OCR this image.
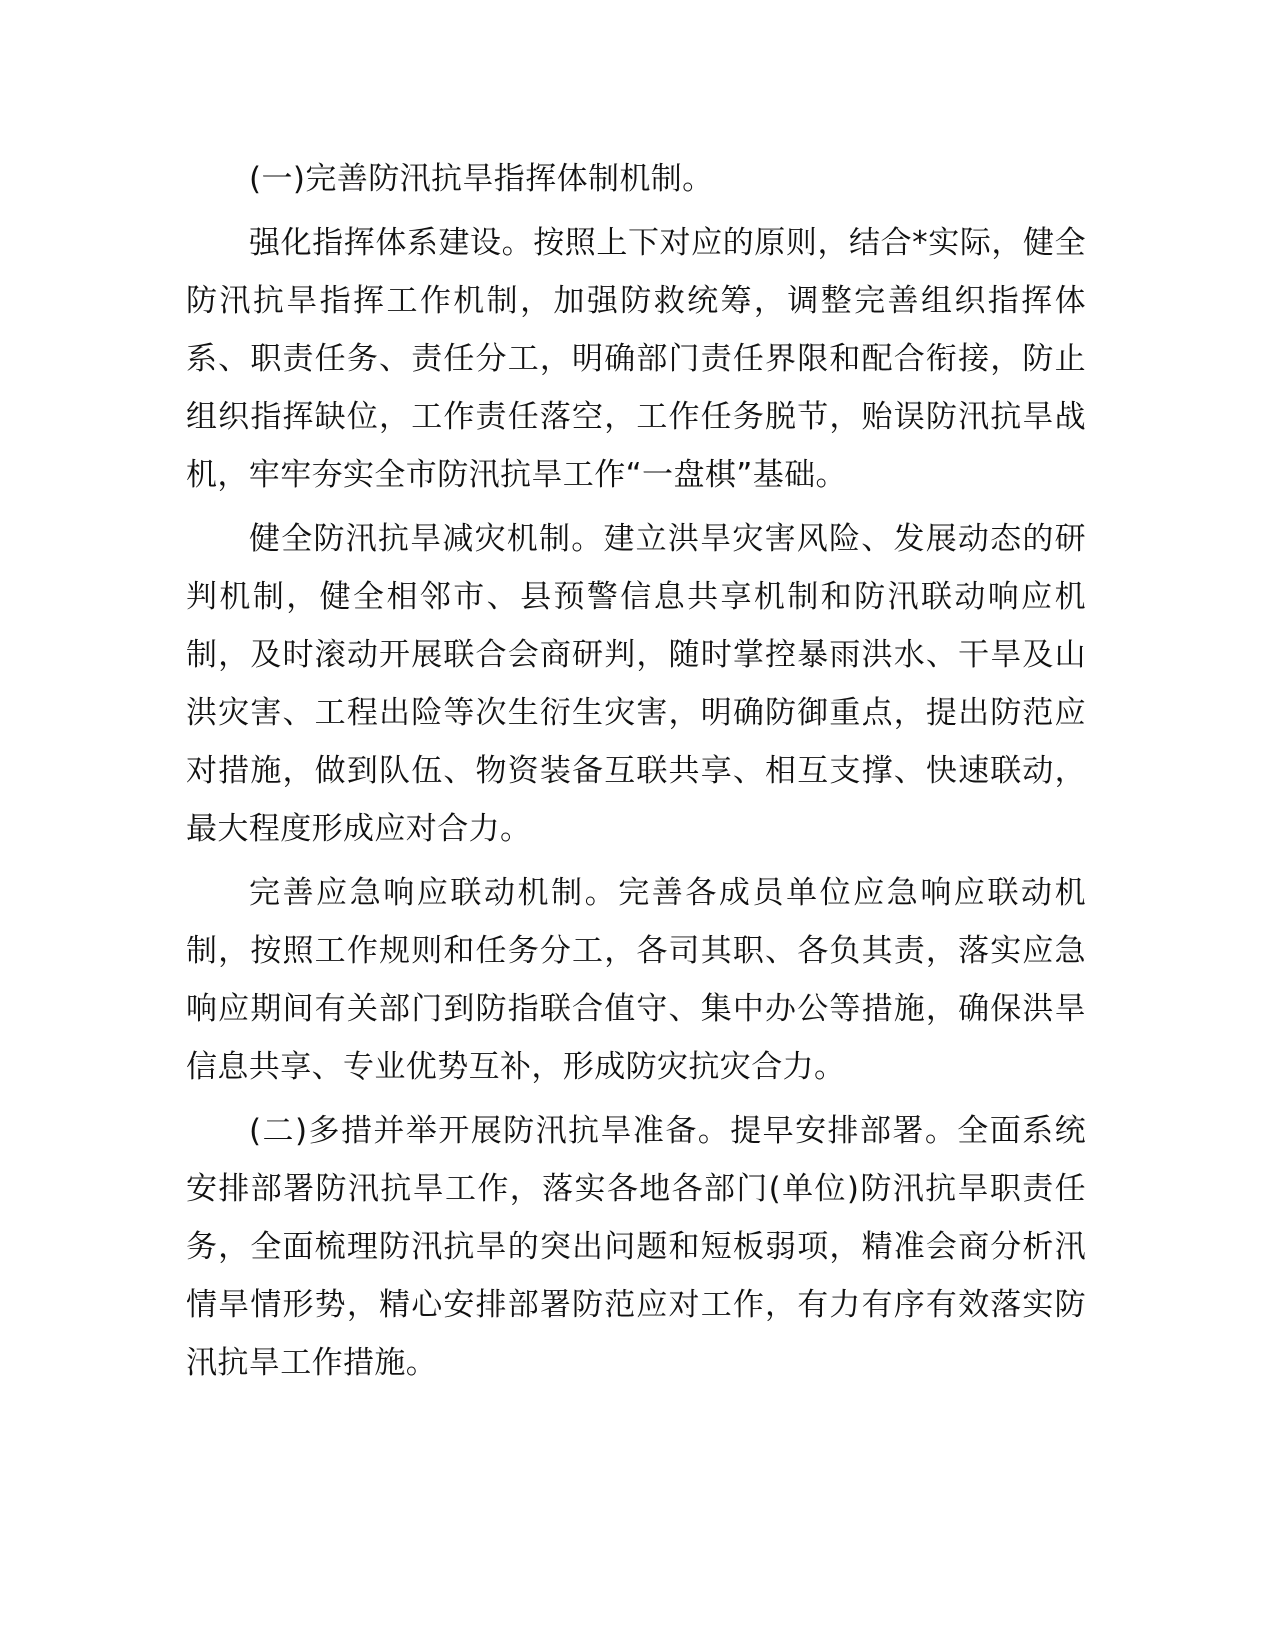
(一)完善防汛抗旱指挥体制机制。

强化指挥体系建设。按照上下对应的原则，结合*实际，健全防汛抗旱指挥工作机制，加强防救统筹，调整完善组织指挥体系、职责任务、责任分工，明确部门责任界限和配合衔接，防止组织指挥缺位，工作责任落空，工作任务脱节，贻误防汛抗旱战机，牢牢夯实全市防汛抗旱工作“一盘棋”基础。

健全防汛抗旱减灾机制。建立洪旱灾害风险、发展动态的研判机制，健全相邻市、县预警信息共享机制和防汛联动响应机制，及时滚动开展联合会商研判，随时掌控暴雨洪水、干旱及山洪灾害、工程出险等次生衍生灾害，明确防御重点，提出防范应对措施，做到队伍、物资装备互联共享、相互支撑、快速联动，最大程度形成应对合力。

完善应急响应联动机制。完善各成员单位应急响应联动机制，按照工作规则和任务分工，各司其职、各负其责，落实应急响应期间有关部门到防指联合值守、集中办公等措施，确保洪旱信息共享、专业优势互补，形成防灾抗灾合力。

(二)多措并举开展防汛抗旱准备。提早安排部署。全面系统安排部署防汛抗旱工作，落实各地各部门(单位)防汛抗旱职责任务，全面梳理防汛抗旱的突出问题和短板弱项，精准会商分析汛情旱情形势，精心安排部署防范应对工作，有力有序有效落实防汛抗旱工作措施。
